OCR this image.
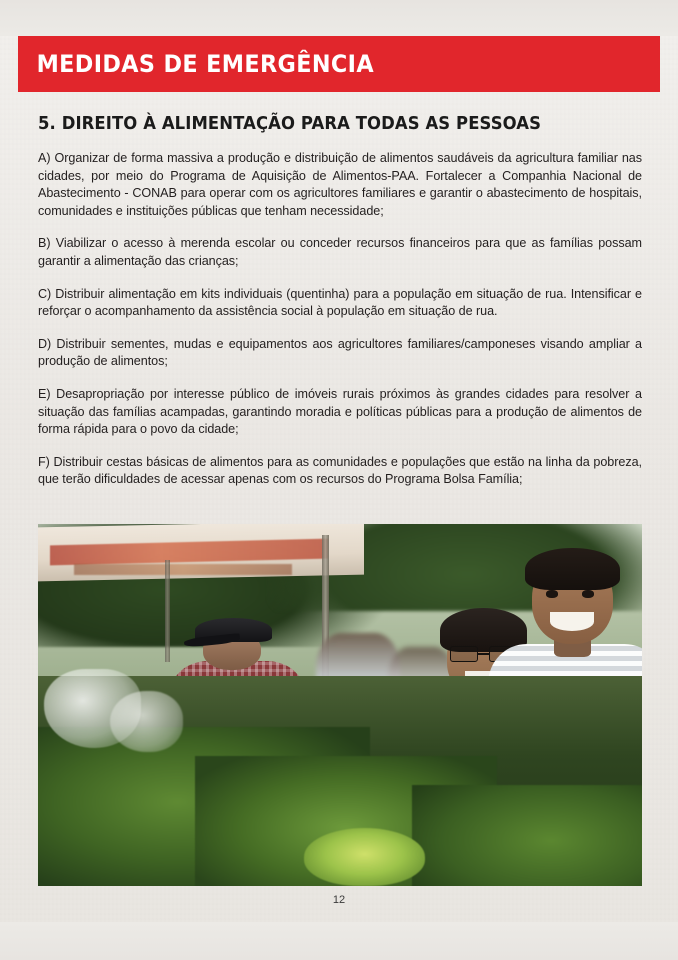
MEDIDAS DE EMERGÊNCIA
5. DIREITO À ALIMENTAÇÃO PARA TODAS AS PESSOAS

A) Organizar de forma massiva a produção e distribuição de alimentos saudáveis da agricultura familiar nas cidades, por meio do Programa de Aquisição de Alimentos-PAA. Fortalecer a Companhia Nacional de Abastecimento - CONAB para operar com os agricultores familiares e garantir o abastecimento de hospitais, comunidades e instituições públicas que tenham necessidade;

B) Viabilizar o acesso à merenda escolar ou conceder recursos financeiros para que as famílias possam garantir a alimentação das crianças;

C) Distribuir alimentação em kits individuais (quentinha) para a população em situação de rua. Intensificar e reforçar o acompanhamento da assistência social à população em situação de rua.

D) Distribuir sementes, mudas e equipamentos aos agricultores familiares/camponeses visando ampliar a produção de alimentos;

E) Desapropriação por interesse público de imóveis rurais próximos às grandes cidades para resolver a situação das famílias acampadas, garantindo moradia e políticas públicas para a produção de alimentos de forma rápida para o povo da cidade;

F) Distribuir cestas básicas de alimentos para as comunidades e populações que estão na linha da pobreza, que terão dificuldades de acessar apenas com os recursos do Programa Bolsa Família;

12
